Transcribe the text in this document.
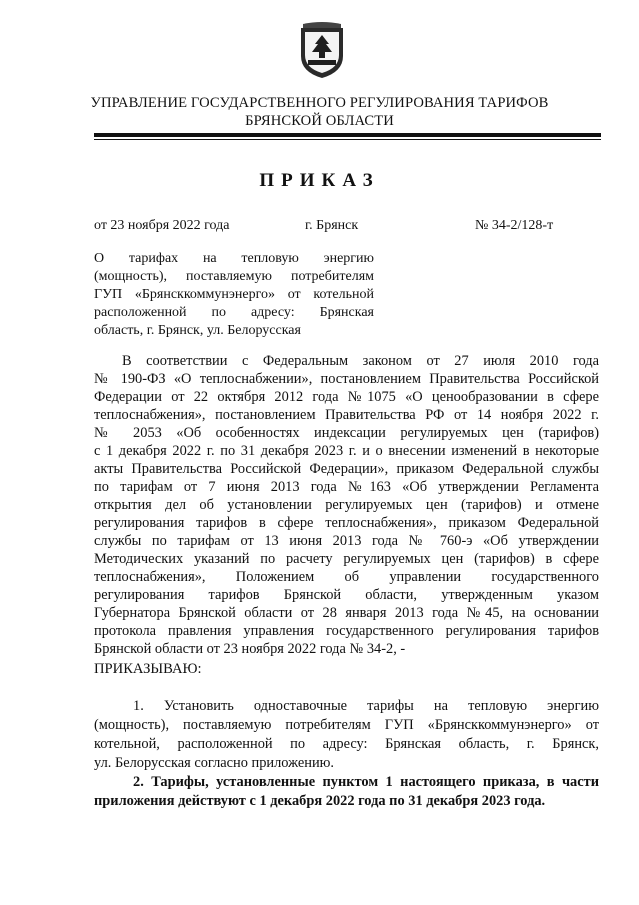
УПРАВЛЕНИЕ ГОСУДАРСТВЕННОГО РЕГУЛИРОВАНИЯ ТАРИФОВ
БРЯНСКОЙ ОБЛАСТИ
ПРИКАЗ
от 23 ноября 2022 года	г. Брянск	№ 34-2/128-т
О тарифах на тепловую энергию
(мощность), поставляемую потребителям
ГУП «Брянсккоммунэнерго» от котельной
расположенной по адресу: Брянская
область, г. Брянск, ул. Белорусская
В соответствии с Федеральным законом от 27 июля 2010 года
№ 190-ФЗ «О теплоснабжении», постановлением Правительства Российской
Федерации от 22 октября 2012 года №1075 «О ценообразовании в сфере
теплоснабжения», постановлением Правительства РФ от 14 ноября 2022 г.
№ 2053 «Об особенностях индексации регулируемых цен (тарифов)
с 1 декабря 2022 г. по 31 декабря 2023 г. и о внесении изменений в некоторые
акты Правительства Российской Федерации», приказом Федеральной службы
по тарифам от 7 июня 2013 года №163 «Об утверждении Регламента
открытия дел об установлении регулируемых цен (тарифов) и отмене
регулирования тарифов в сфере теплоснабжения», приказом Федеральной
службы по тарифам от 13 июня 2013 года № 760-э «Об утверждении
Методических указаний по расчету регулируемых цен (тарифов) в сфере
теплоснабжения», Положением об управлении государственного
регулирования тарифов Брянской области, утвержденным указом
Губернатора Брянской области от 28 января 2013 года №45, на основании
протокола правления управления государственного регулирования тарифов
Брянской области от 23 ноября 2022 года № 34-2, -
ПРИКАЗЫВАЮ:
1. Установить одноставочные тарифы на тепловую энергию
(мощность), поставляемую потребителям ГУП «Брянсккоммунэнерго» от
котельной, расположенной по адресу: Брянская область, г. Брянск,
ул. Белорусская согласно приложению.
2. Тарифы, установленные пунктом 1 настоящего приказа, в части
приложения действуют с 1 декабря 2022 года по 31 декабря 2023 года.
